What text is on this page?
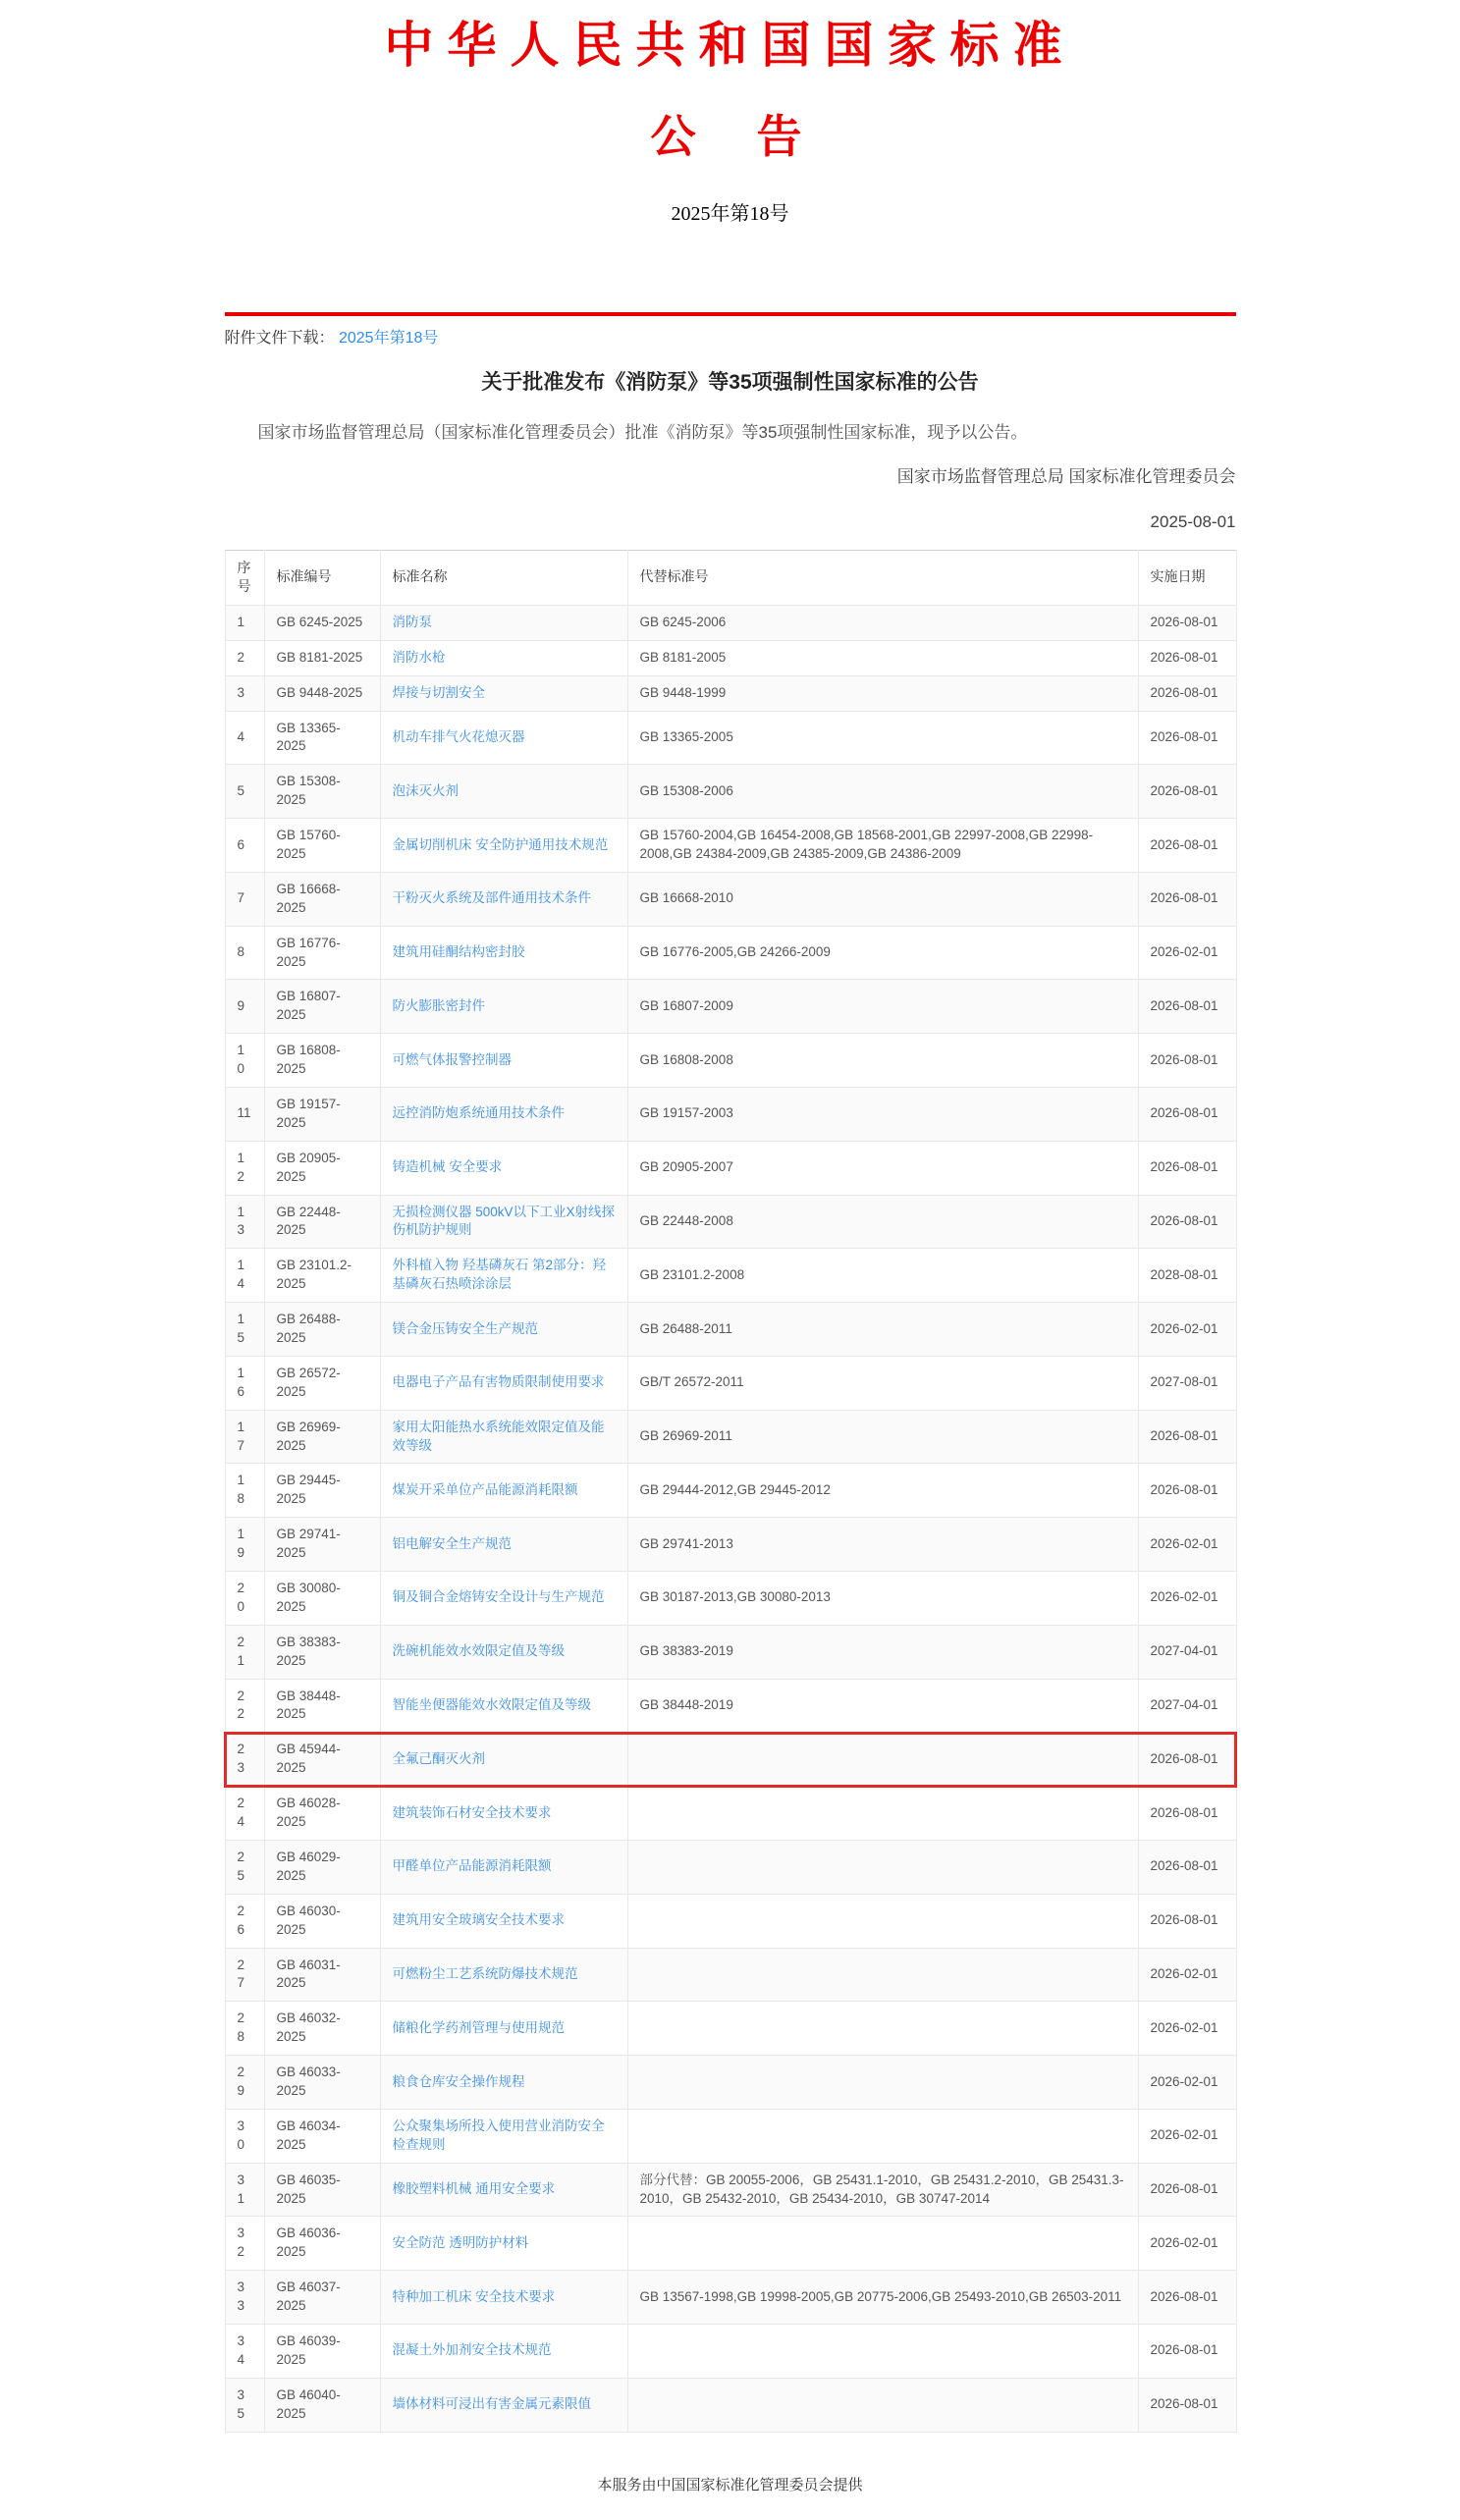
中华人民共和国国家标准
公　告
2025年第18号
附件文件下载： 2025年第18号
关于批准发布《消防泵》等35项强制性国家标准的公告
国家市场监督管理总局（国家标准化管理委员会）批准《消防泵》等35项强制性国家标准，现予以公告。
国家市场监督管理总局 国家标准化管理委员会
2025-08-01
序号	标准编号	标准名称	代替标准号	实施日期
1	GB 6245-2025	消防泵	GB 6245-2006	2026-08-01
2	GB 8181-2025	消防水枪	GB 8181-2005	2026-08-01
3	GB 9448-2025	焊接与切割安全	GB 9448-1999	2026-08-01
4	GB 13365-2025	机动车排气火花熄灭器	GB 13365-2005	2026-08-01
5	GB 15308-2025	泡沫灭火剂	GB 15308-2006	2026-08-01
6	GB 15760-2025	金属切削机床 安全防护通用技术规范	GB 15760-2004,GB 16454-2008,GB 18568-2001,GB 22997-2008,GB 22998-2008,GB 24384-2009,GB 24385-2009,GB 24386-2009	2026-08-01
7	GB 16668-2025	干粉灭火系统及部件通用技术条件	GB 16668-2010	2026-08-01
8	GB 16776-2025	建筑用硅酮结构密封胶	GB 16776-2005,GB 24266-2009	2026-02-01
9	GB 16807-2025	防火膨胀密封件	GB 16807-2009	2026-08-01
10	GB 16808-2025	可燃气体报警控制器	GB 16808-2008	2026-08-01
11	GB 19157-2025	远控消防炮系统通用技术条件	GB 19157-2003	2026-08-01
12	GB 20905-2025	铸造机械 安全要求	GB 20905-2007	2026-08-01
13	GB 22448-2025	无损检测仪器 500kV以下工业X射线探伤机防护规则	GB 22448-2008	2026-08-01
14	GB 23101.2-2025	外科植入物 羟基磷灰石 第2部分：羟基磷灰石热喷涂涂层	GB 23101.2-2008	2028-08-01
15	GB 26488-2025	镁合金压铸安全生产规范	GB 26488-2011	2026-02-01
16	GB 26572-2025	电器电子产品有害物质限制使用要求	GB/T 26572-2011	2027-08-01
17	GB 26969-2025	家用太阳能热水系统能效限定值及能效等级	GB 26969-2011	2026-08-01
18	GB 29445-2025	煤炭开采单位产品能源消耗限额	GB 29444-2012,GB 29445-2012	2026-08-01
19	GB 29741-2025	铝电解安全生产规范	GB 29741-2013	2026-02-01
20	GB 30080-2025	铜及铜合金熔铸安全设计与生产规范	GB 30187-2013,GB 30080-2013	2026-02-01
21	GB 38383-2025	洗碗机能效水效限定值及等级	GB 38383-2019	2027-04-01
22	GB 38448-2025	智能坐便器能效水效限定值及等级	GB 38448-2019	2027-04-01
23	GB 45944-2025	全氟己酮灭火剂		2026-08-01
24	GB 46028-2025	建筑装饰石材安全技术要求		2026-08-01
25	GB 46029-2025	甲醛单位产品能源消耗限额		2026-08-01
26	GB 46030-2025	建筑用安全玻璃安全技术要求		2026-08-01
27	GB 46031-2025	可燃粉尘工艺系统防爆技术规范		2026-02-01
28	GB 46032-2025	储粮化学药剂管理与使用规范		2026-02-01
29	GB 46033-2025	粮食仓库安全操作规程		2026-02-01
30	GB 46034-2025	公众聚集场所投入使用营业消防安全检查规则		2026-02-01
31	GB 46035-2025	橡胶塑料机械 通用安全要求	部分代替：GB 20055-2006，GB 25431.1-2010，GB 25431.2-2010，GB 25431.3-2010，GB 25432-2010，GB 25434-2010，GB 30747-2014	2026-08-01
32	GB 46036-2025	安全防范 透明防护材料		2026-02-01
33	GB 46037-2025	特种加工机床 安全技术要求	GB 13567-1998,GB 19998-2005,GB 20775-2006,GB 25493-2010,GB 26503-2011	2026-08-01
34	GB 46039-2025	混凝土外加剂安全技术规范		2026-08-01
35	GB 46040-2025	墙体材料可浸出有害金属元素限值		2026-08-01
本服务由中国国家标准化管理委员会提供
